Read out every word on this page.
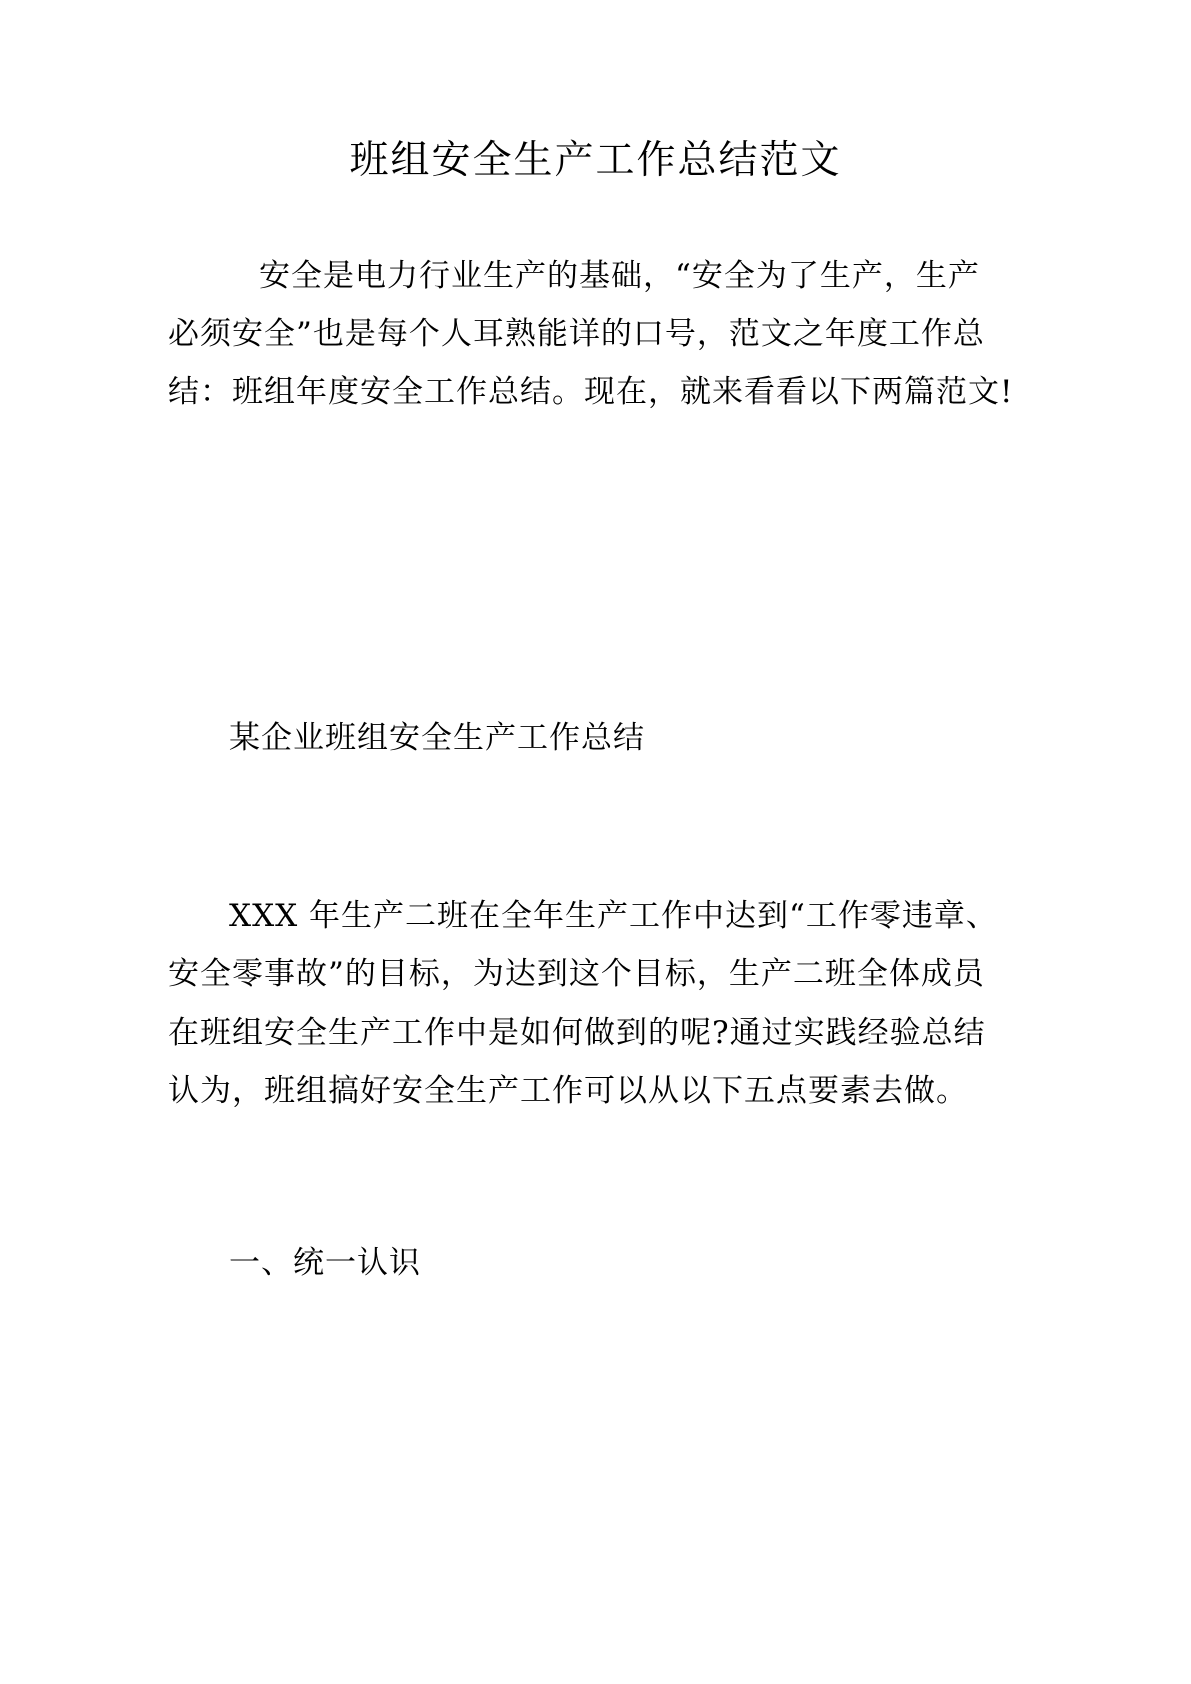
班组安全生产工作总结范文
安全是电力行业生产的基础，“安全为了生产，生产
必须安全”也是每个人耳熟能详的口号，范文之年度工作总
结：班组年度安全工作总结。现在，就来看看以下两篇范文!
某企业班组安全生产工作总结
XXX 年生产二班在全年生产工作中达到“工作零违章、
安全零事故”的目标，为达到这个目标，生产二班全体成员
在班组安全生产工作中是如何做到的呢?通过实践经验总结
认为，班组搞好安全生产工作可以从以下五点要素去做。
一、统一认识
